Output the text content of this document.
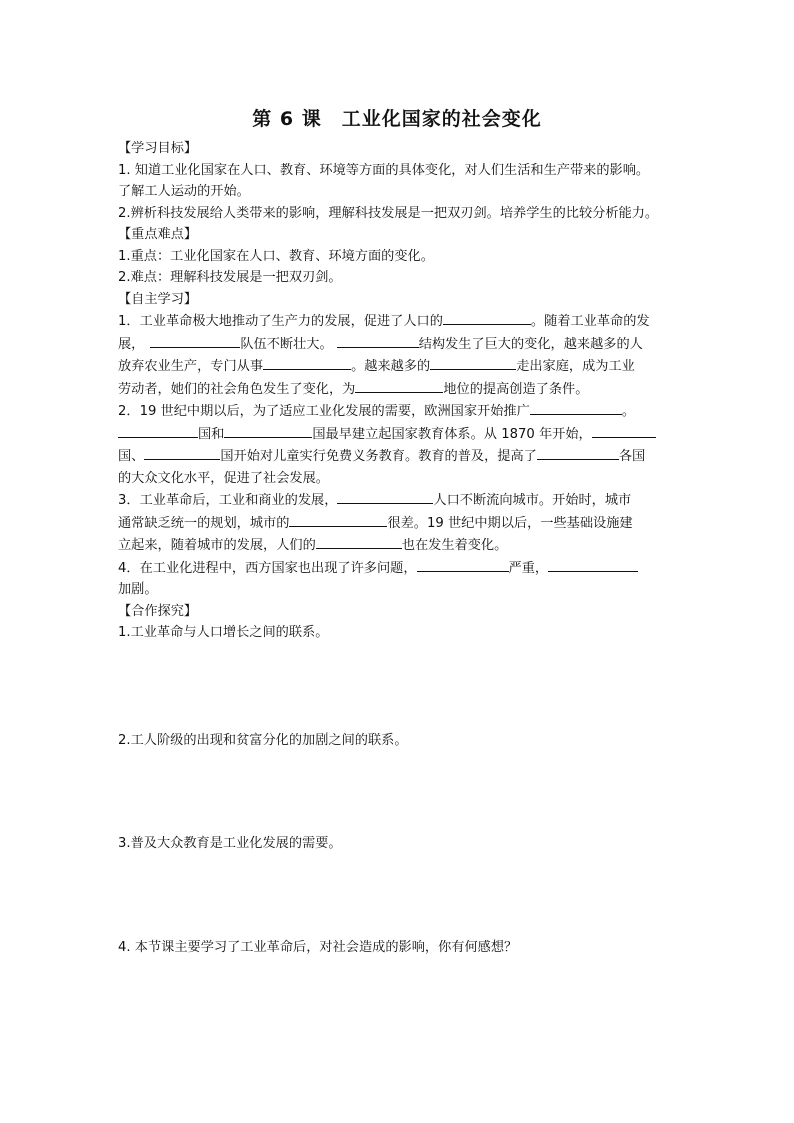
第 6 课　工业化国家的社会变化
【学习目标】
1. 知道工业化国家在人口、教育、环境等方面的具体变化，对人们生活和生产带来的影响。
了解工人运动的开始。
2.辨析科技发展给人类带来的影响，理解科技发展是一把双刃剑。培养学生的比较分析能力。
【重点难点】
1.重点：工业化国家在人口、教育、环境方面的变化。
2.难点：理解科技发展是一把双刃剑。
【自主学习】
1．工业革命极大地推动了生产力的发展，促进了人口的	。随着工业革命的发
展，	队伍不断壮大。	结构发生了巨大的变化，越来越多的人
放弃农业生产，专门从事	。越来越多的	走出家庭，成为工业
劳动者，她们的社会角色发生了变化，为	地位的提高创造了条件。
2．19 世纪中期以后，为了适应工业化发展的需要，欧洲国家开始推广	。
国和	国最早建立起国家教育体系。从 1870 年开始，
国、	国开始对儿童实行免费义务教育。教育的普及，提高了	各国
的大众文化水平，促进了社会发展。
3．工业革命后，工业和商业的发展，	人口不断流向城市。开始时，城市
通常缺乏统一的规划，城市的	很差。19 世纪中期以后，一些基础设施建
立起来，随着城市的发展，人们的	也在发生着变化。
4．在工业化进程中，西方国家也出现了许多问题，	严重，
加剧。
【合作探究】
1.工业革命与人口增长之间的联系。
2.工人阶级的出现和贫富分化的加剧之间的联系。
3.普及大众教育是工业化发展的需要。
4. 本节课主要学习了工业革命后，对社会造成的影响，你有何感想？
